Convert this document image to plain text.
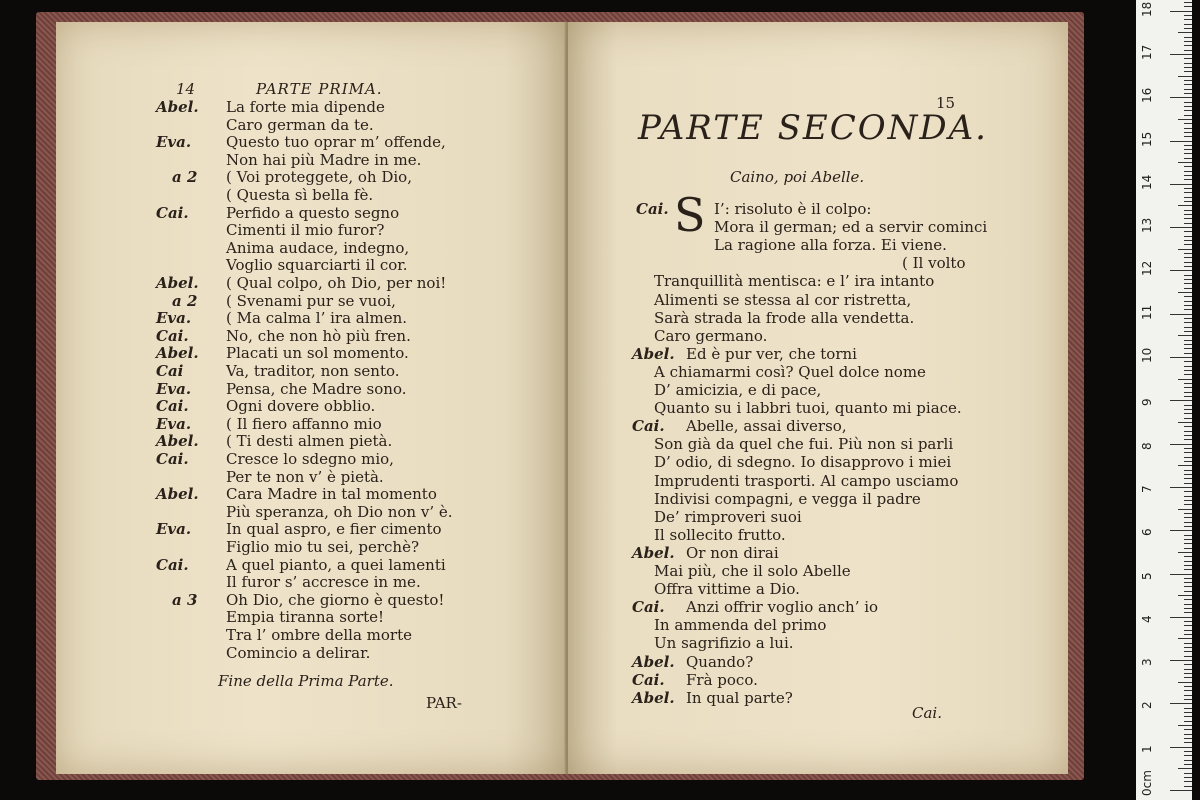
14	PARTE PRIMA.
Abel. La forte mia dipende
Caro german da te.
Eva. Questo tuo oprar m’ offende,
Non hai più Madre in me.
a 2 ( Voi proteggete, oh Dio,
( Questa sì bella fè.
Cai. Perfido a questo segno
Cimenti il mio furor?
Anima audace, indegno,
Voglio squarciarti il cor.
Abel. ( Qual colpo, oh Dio, per noi!
a 2 ( Svenami pur se vuoi,
Eva. ( Ma calma l’ ira almen.
Cai. No, che non hò più fren.
Abel. Placati un sol momento.
Cai	Va, traditor, non sento.
Eva. Pensa, che Madre sono.
Cai. Ogni dovere obblio.
Eva. ( Il fiero affanno mio
Abel. ( Ti desti almen pietà.
Cai. Cresce lo sdegno mio,
Per te non v’ è pietà.
Abel. Cara Madre in tal momento
Più speranza, oh Dio non v’ è.
Eva. In qual aspro, e fier cimento
Figlio mio tu sei, perchè?
Cai. A quel pianto, a quei lamenti
Il furor s’ accresce in me.
a 3 Oh Dio, che giorno è questo!
Empia tiranna sorte!
Tra l’ ombre della morte
Comincio a delirar.
Fine della Prima Parte.
PAR-
15
PARTE SECONDA.
Caino, poi Abelle.
S
Cai.	I’: risoluto è il colpo:
Mora il german; ed a servir cominci
La ragione alla forza. Ei viene.
( Il volto
Tranquillità mentisca: e l’ ira intanto
Alimenti se stessa al cor ristretta,
Sarà strada la frode alla vendetta.
Caro germano.
Abel. Ed è pur ver, che torni
A chiamarmi così? Quel dolce nome
D’ amicizia, e di pace,
Quanto su i labbri tuoi, quanto mi piace.
Cai. Abelle, assai diverso,
Son già da quel che fui. Più non si parli
D’ odio, di sdegno. Io disapprovo i miei
Imprudenti trasporti. Al campo usciamo
Indivisi compagni, e vegga il padre
De’ rimproveri suoi
Il sollecito frutto.
Abel. Or non dirai
Mai più, che il solo Abelle
Offra vittime a Dio.
Cai. Anzi offrir voglio anch’ io
In ammenda del primo
Un sagrifizio a lui.
Abel. Quando?
Cai. Frà poco.
Abel. In qual parte?
Cai.
0cm
1
2
3
4
5
6
7
8
9
10
11
12
13
14
15
16
17
18
